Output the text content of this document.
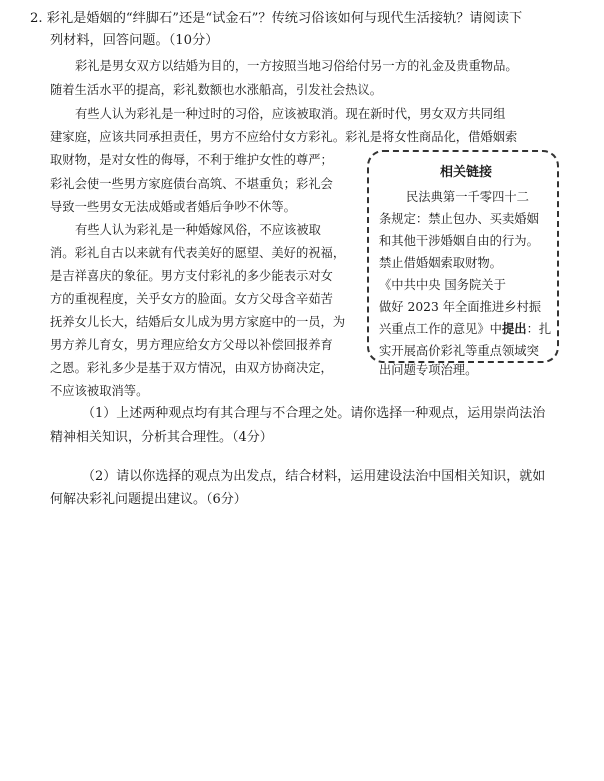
2. 彩礼是婚姻的“绊脚石”还是“试金石”？传统习俗该如何与现代生活接轨？请阅读下
列材料，回答问题。（10分）
彩礼是男女双方以结婚为目的，一方按照当地习俗给付另一方的礼金及贵重物品。
随着生活水平的提高，彩礼数额也水涨船高，引发社会热议。
有些人认为彩礼是一种过时的习俗，应该被取消。现在新时代，男女双方共同组
建家庭，应该共同承担责任，男方不应给付女方彩礼。彩礼是将女性商品化，借婚姻索
取财物，是对女性的侮辱，不利于维护女性的尊严；
彩礼会使一些男方家庭债台高筑、不堪重负；彩礼会
导致一些男女无法成婚或者婚后争吵不休等。
有些人认为彩礼是一种婚嫁风俗，不应该被取
消。彩礼自古以来就有代表美好的愿望、美好的祝福，
是吉祥喜庆的象征。男方支付彩礼的多少能表示对女
方的重视程度，关乎女方的脸面。女方父母含辛茹苦
抚养女儿长大，结婚后女儿成为男方家庭中的一员，为
男方养儿育女，男方理应给女方父母以补偿回报养育
之恩。彩礼多少是基于双方情况，由双方协商决定，
不应该被取消等。
相关链接
民法典第一千零四十二
条规定：禁止包办、买卖婚姻
和其他干涉婚姻自由的行为。
禁止借婚姻索取财物。
《中共中央 国务院关于
做好 2023 年全面推进乡村振
兴重点工作的意见》中提出：扎
实开展高价彩礼等重点领域突
出问题专项治理。
（1）上述两种观点均有其合理与不合理之处。请你选择一种观点，运用崇尚法治
精神相关知识，分析其合理性。（4分）
（2）请以你选择的观点为出发点，结合材料，运用建设法治中国相关知识，就如
何解决彩礼问题提出建议。（6分）
